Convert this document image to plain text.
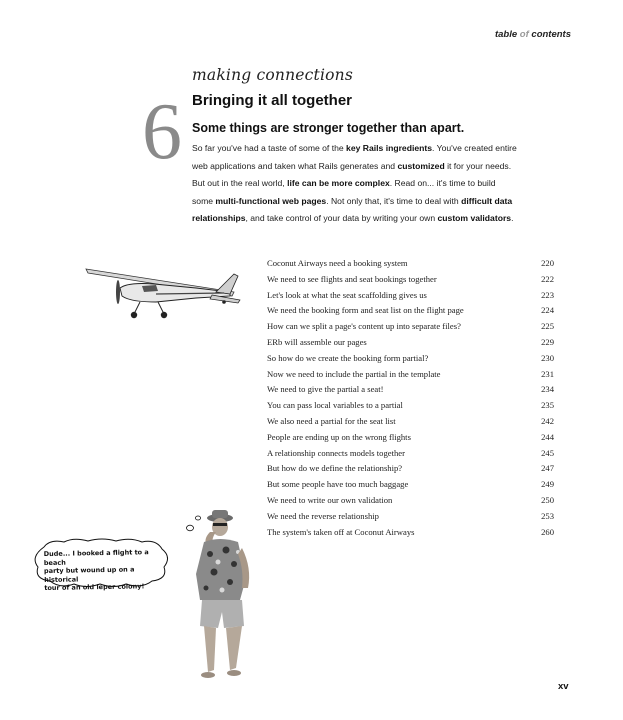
table of contents
6
making connections
Bringing it all together
Some things are stronger together than apart.
So far you've had a taste of some of the key Rails ingredients. You've created entire
web applications and taken what Rails generates and customized it for your needs.
But out in the real world, life can be more complex. Read on... it's time to build
some multi-functional web pages. Not only that, it's time to deal with difficult data
relationships, and take control of your data by writing your own custom validators.
Coconut Airways need a booking system	220
We need to see flights and seat bookings together	222
Let's look at what the seat scaffolding gives us	223
We need the booking form and seat list on the flight page	224
How can we split a page's content up into separate files?	225
ERb will assemble our pages	229
So how do we create the booking form partial?	230
Now we need to include the partial in the template	231
We need to give the partial a seat!	234
You can pass local variables to a partial	235
We also need a partial for the seat list	242
People are ending up on the wrong flights	244
A relationship connects models together	245
But how do we define the relationship?	247
But some people have too much baggage	249
We need to write our own validation	250
We need the reverse relationship	253
The system's taken off at Coconut Airways	260
Dude... I booked a flight to a beach
party but wound up on a historical
tour of an old leper colony!
xv
